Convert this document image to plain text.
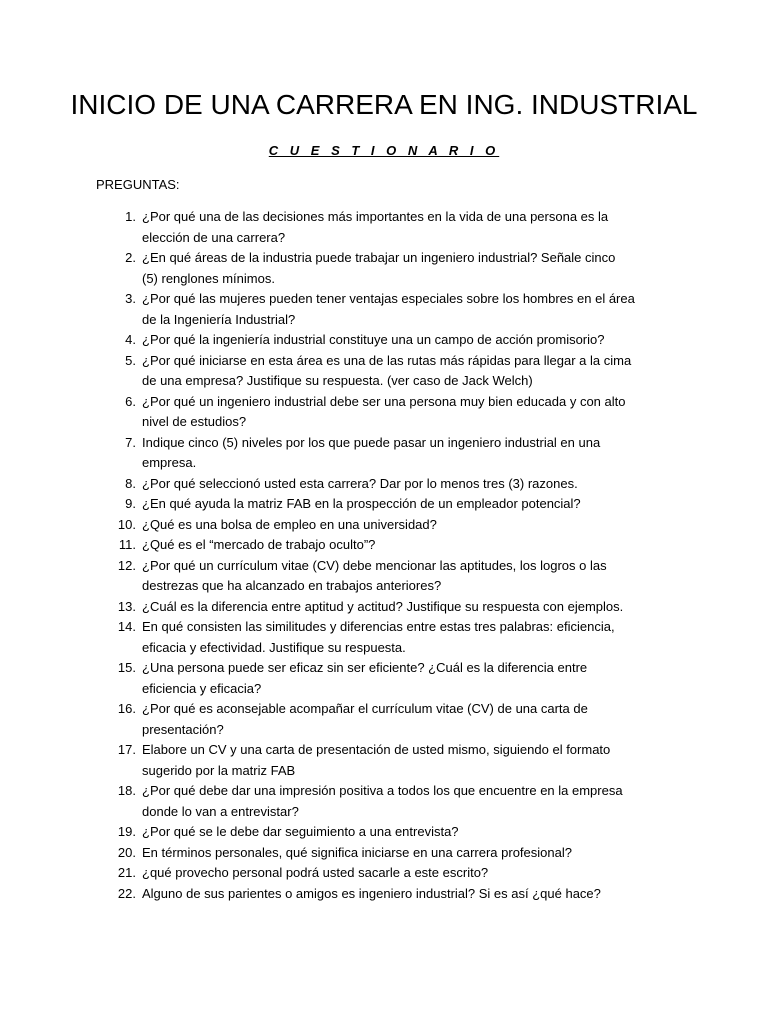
INICIO DE UNA CARRERA EN ING. INDUSTRIAL
C U E S T I O N A R I O

PREGUNTAS:

1. ¿Por qué una de las decisiones más importantes en la vida de una persona es la
elección de una carrera?
2. ¿En qué áreas de la industria puede trabajar un ingeniero industrial? Señale cinco
(5) renglones mínimos.
3. ¿Por qué las mujeres pueden tener ventajas especiales sobre los hombres en el área
de la Ingeniería Industrial?
4. ¿Por qué la ingeniería industrial constituye una un campo de acción promisorio?
5. ¿Por qué iniciarse en esta área es una de las rutas más rápidas para llegar a la cima
de una empresa? Justifique su respuesta. (ver caso de Jack Welch)
6. ¿Por qué un ingeniero industrial debe ser una persona muy bien educada y con alto
nivel de estudios?
7. Indique cinco (5) niveles por los que puede pasar un ingeniero industrial en una
empresa.
8. ¿Por qué seleccionó usted esta carrera? Dar por lo menos tres (3) razones.
9. ¿En qué ayuda la matriz FAB en la prospección de un empleador potencial?
10. ¿Qué es una bolsa de empleo en una universidad?
11. ¿Qué es el “mercado de trabajo oculto”?
12. ¿Por qué un currículum vitae (CV) debe mencionar las aptitudes, los logros o las
destrezas que ha alcanzado en trabajos anteriores?
13. ¿Cuál es la diferencia entre aptitud y actitud? Justifique su respuesta con ejemplos.
14. En qué consisten las similitudes y diferencias entre estas tres palabras: eficiencia,
eficacia y efectividad. Justifique su respuesta.
15. ¿Una persona puede ser eficaz sin ser eficiente? ¿Cuál es la diferencia entre
eficiencia y eficacia?
16. ¿Por qué es aconsejable acompañar el currículum vitae (CV) de una carta de
presentación?
17. Elabore un CV y una carta de presentación de usted mismo, siguiendo el formato
sugerido por la matriz FAB
18. ¿Por qué debe dar una impresión positiva a todos los que encuentre en la empresa
donde lo van a entrevistar?
19. ¿Por qué se le debe dar seguimiento a una entrevista?
20. En términos personales, qué significa iniciarse en una carrera profesional?
21. ¿qué provecho personal podrá usted sacarle a este escrito?
22. Alguno de sus parientes o amigos es ingeniero industrial? Si es así ¿qué hace?
